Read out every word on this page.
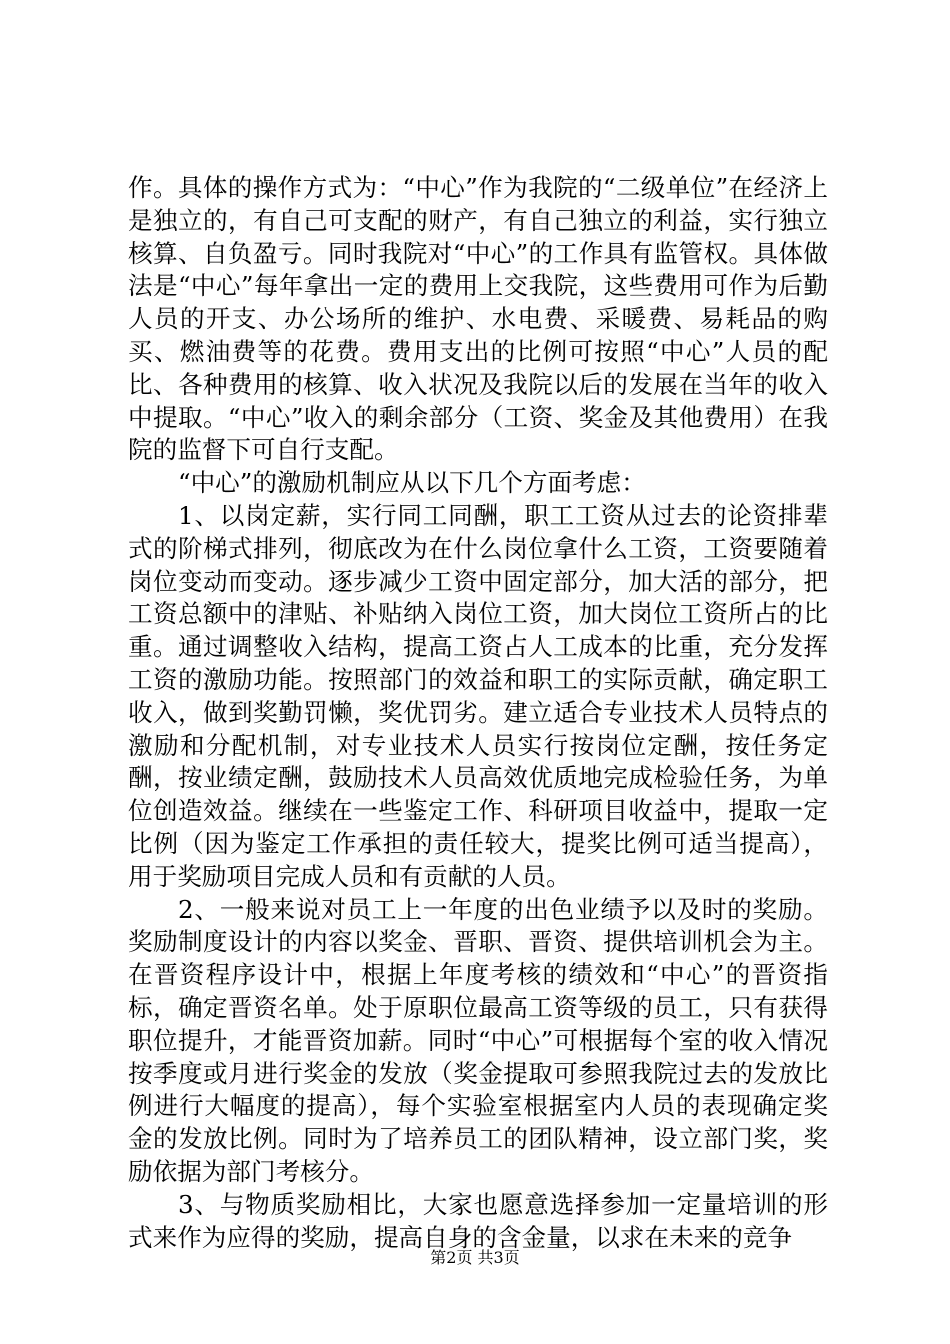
作。具体的操作方式为：“中心”作为我院的“二级单位”在经济上是独立的，有自己可支配的财产，有自己独立的利益，实行独立核算、自负盈亏。同时我院对“中心”的工作具有监管权。具体做法是“中心”每年拿出一定的费用上交我院，这些费用可作为后勤人员的开支、办公场所的维护、水电费、采暖费、易耗品的购买、燃油费等的花费。费用支出的比例可按照“中心”人员的配比、各种费用的核算、收入状况及我院以后的发展在当年的收入中提取。“中心”收入的剩余部分（工资、奖金及其他费用）在我院的监督下可自行支配。

“中心”的激励机制应从以下几个方面考虑：

1、以岗定薪，实行同工同酬，职工工资从过去的论资排辈式的阶梯式排列，彻底改为在什么岗位拿什么工资，工资要随着岗位变动而变动。逐步减少工资中固定部分，加大活的部分，把工资总额中的津贴、补贴纳入岗位工资，加大岗位工资所占的比重。通过调整收入结构，提高工资占人工成本的比重，充分发挥工资的激励功能。按照部门的效益和职工的实际贡献，确定职工收入，做到奖勤罚懒，奖优罚劣。建立适合专业技术人员特点的激励和分配机制，对专业技术人员实行按岗位定酬，按任务定酬，按业绩定酬，鼓励技术人员高效优质地完成检验任务，为单位创造效益。继续在一些鉴定工作、科研项目收益中，提取一定比例（因为鉴定工作承担的责任较大，提奖比例可适当提高），用于奖励项目完成人员和有贡献的人员。

2、一般来说对员工上一年度的出色业绩予以及时的奖励。奖励制度设计的内容以奖金、晋职、晋资、提供培训机会为主。在晋资程序设计中，根据上年度考核的绩效和“中心”的晋资指标，确定晋资名单。处于原职位最高工资等级的员工，只有获得职位提升，才能晋资加薪。同时“中心”可根据每个室的收入情况按季度或月进行奖金的发放（奖金提取可参照我院过去的发放比例进行大幅度的提高），每个实验室根据室内人员的表现确定奖金的发放比例。同时为了培养员工的团队精神，设立部门奖，奖励依据为部门考核分。

3、与物质奖励相比，大家也愿意选择参加一定量培训的形式来作为应得的奖励，提高自身的含金量，以求在未来的竞争

第2页 共3页
